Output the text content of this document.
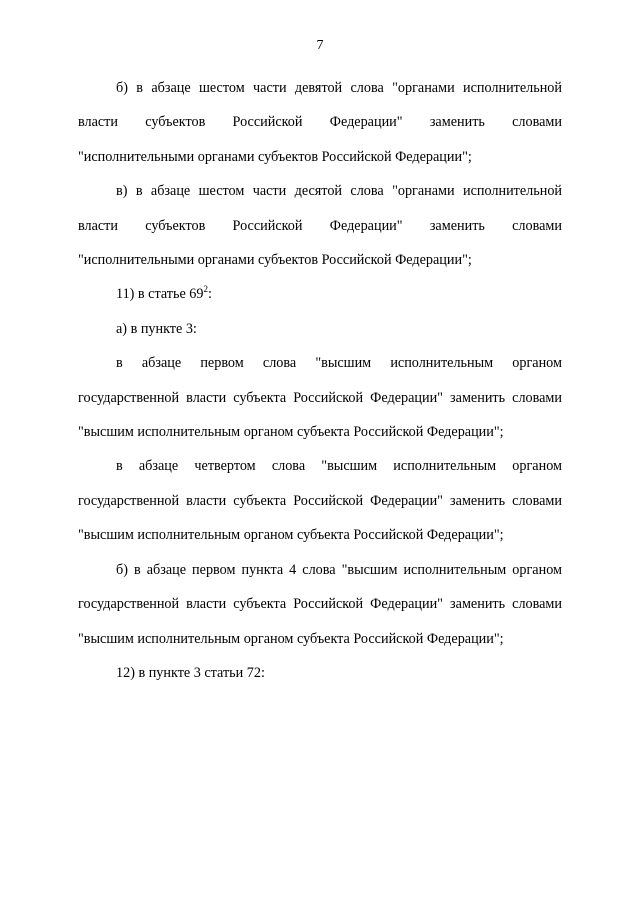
7

б) в абзаце шестом части девятой слова "органами исполнительной власти субъектов Российской Федерации" заменить словами "исполнительными органами субъектов Российской Федерации";

в) в абзаце шестом части десятой слова "органами исполнительной власти субъектов Российской Федерации" заменить словами "исполнительными органами субъектов Российской Федерации";

11) в статье $69^2$:

а) в пункте 3:

в абзаце первом слова "высшим исполнительным органом государственной власти субъекта Российской Федерации" заменить словами "высшим исполнительным органом субъекта Российской Федерации";

в абзаце четвертом слова "высшим исполнительным органом государственной власти субъекта Российской Федерации" заменить словами "высшим исполнительным органом субъекта Российской Федерации";

б) в абзаце первом пункта 4 слова "высшим исполнительным органом государственной власти субъекта Российской Федерации" заменить словами "высшим исполнительным органом субъекта Российской Федерации";

12) в пункте 3 статьи 72:
